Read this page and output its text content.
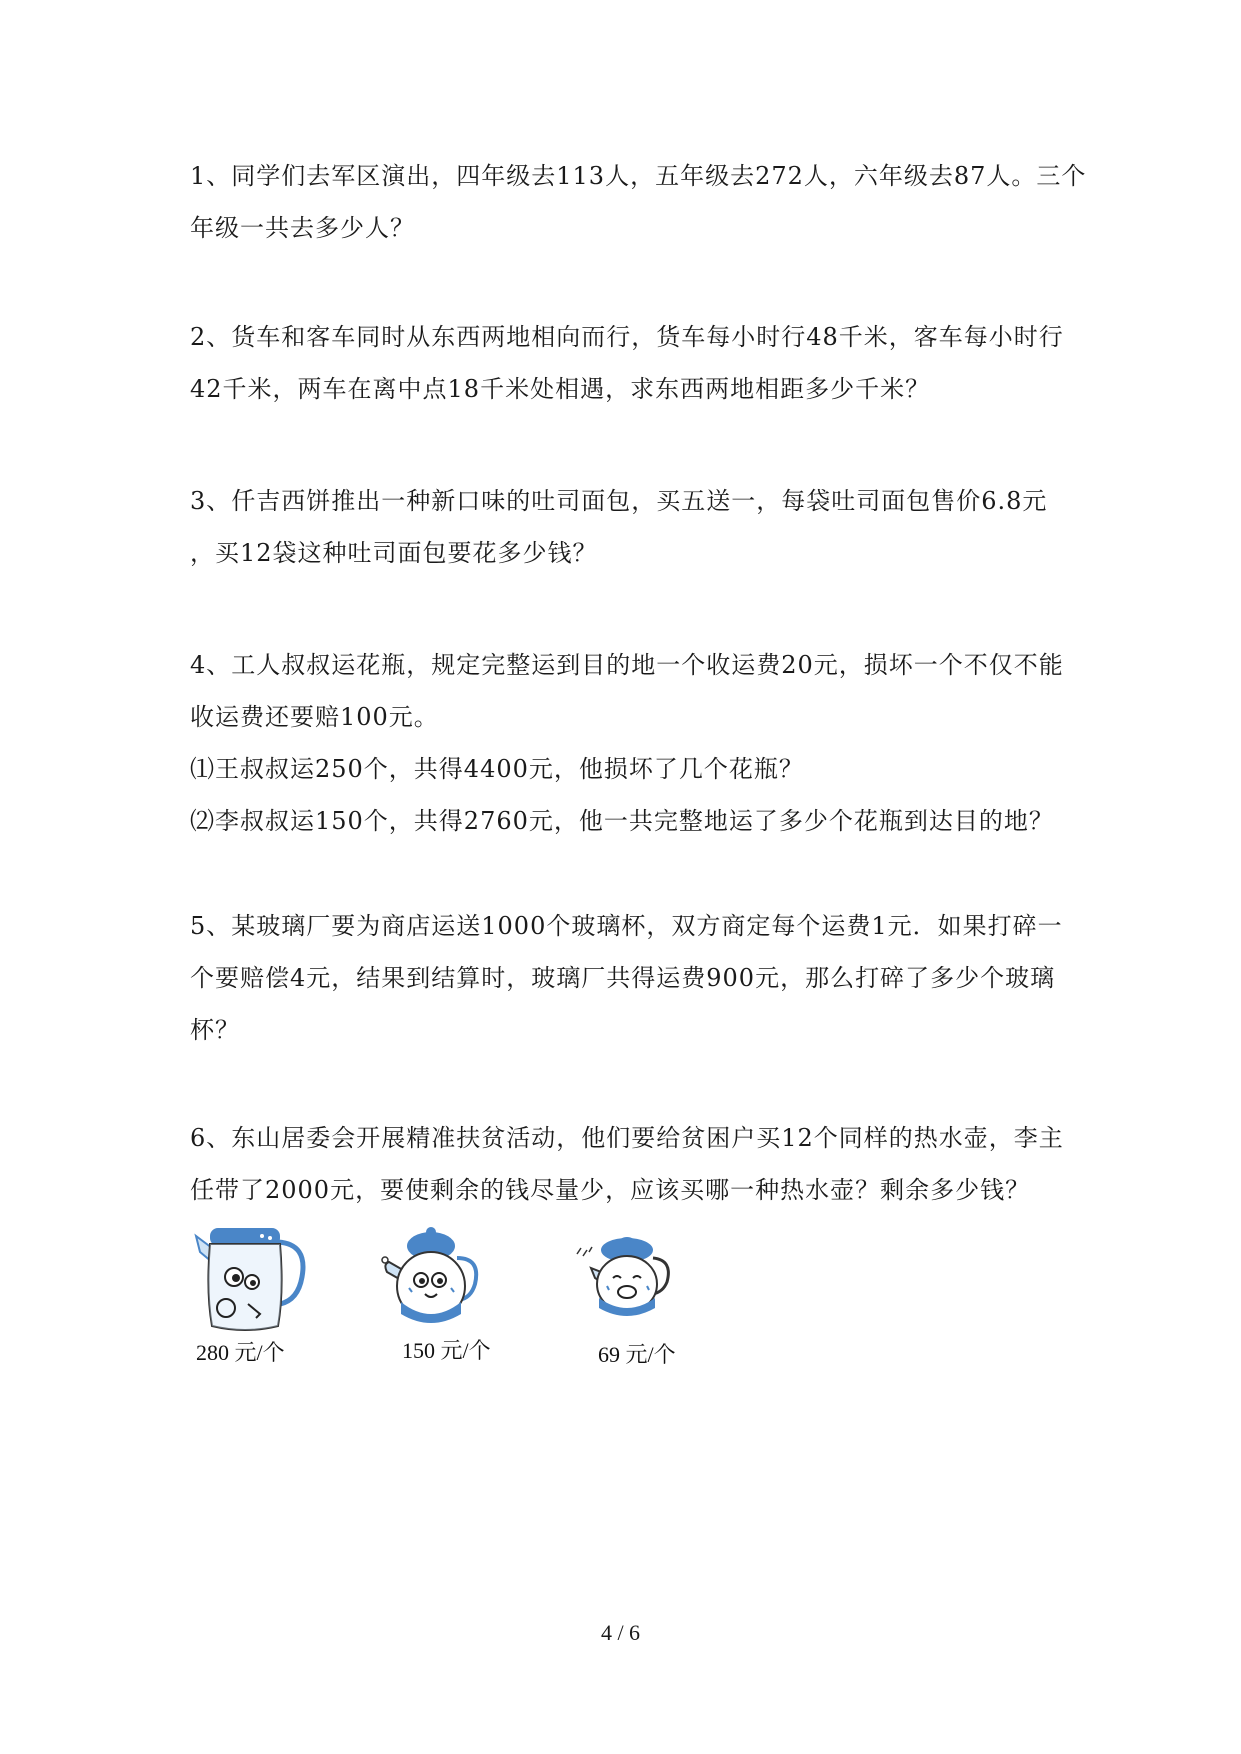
1、同学们去军区演出，四年级去113人，五年级去272人，六年级去87人。三个

年级一共去多少人？

2、货车和客车同时从东西两地相向而行，货车每小时行48千米，客车每小时行

42千米，两车在离中点18千米处相遇，求东西两地相距多少千米？

3、仟吉西饼推出一种新口味的吐司面包，买五送一，每袋吐司面包售价6.8元

，买12袋这种吐司面包要花多少钱？

4、工人叔叔运花瓶，规定完整运到目的地一个收运费20元，损坏一个不仅不能

收运费还要赔100元。

⑴王叔叔运250个，共得4400元，他损坏了几个花瓶？

⑵李叔叔运150个，共得2760元，他一共完整地运了多少个花瓶到达目的地？

5、某玻璃厂要为商店运送1000个玻璃杯，双方商定每个运费1元．如果打碎一

个要赔偿4元，结果到结算时，玻璃厂共得运费900元，那么打碎了多少个玻璃

杯？

6、东山居委会开展精准扶贫活动，他们要给贫困户买12个同样的热水壶，李主

任带了2000元，要使剩余的钱尽量少，应该买哪一种热水壶？剩余多少钱？

280 元/个	150 元/个	69 元/个
4 / 6
